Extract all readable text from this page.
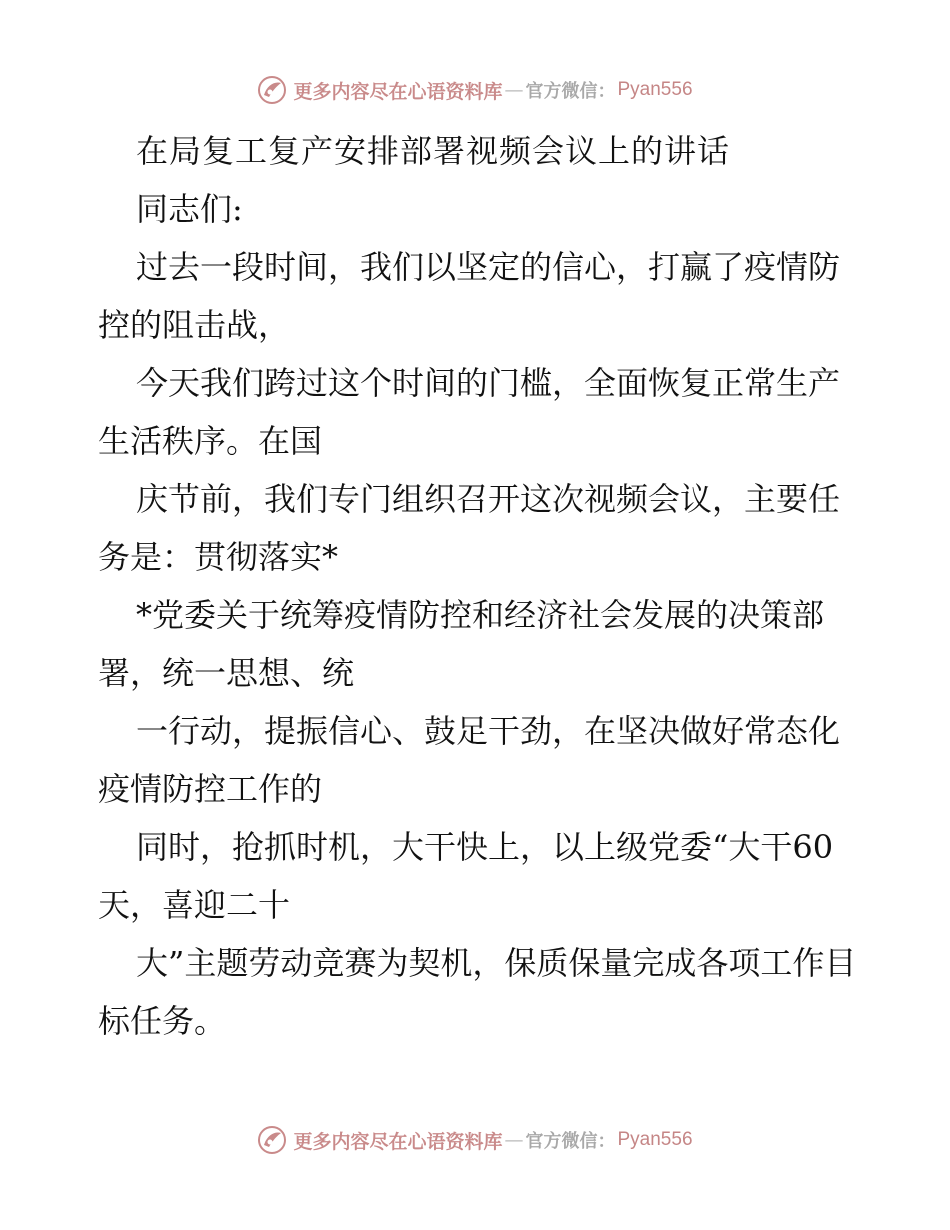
更多内容尽在心语资料库 — 官方微信： Pyan556

在局复工复产安排部署视频会议上的讲话

同志们:

过去一段时间，我们以坚定的信心，打赢了疫情防控的阻击战，

今天我们跨过这个时间的门槛，全面恢复正常生产生活秩序。在国

庆节前，我们专门组织召开这次视频会议，主要任务是：贯彻落实*

*党委关于统筹疫情防控和经济社会发展的决策部署，统一思想、统

一行动，提振信心、鼓足干劲，在坚决做好常态化疫情防控工作的

同时，抢抓时机，大干快上，以上级党委“大干60 天，喜迎二十

大”主题劳动竞赛为契机，保质保量完成各项工作目标任务。

更多内容尽在心语资料库 — 官方微信： Pyan556
